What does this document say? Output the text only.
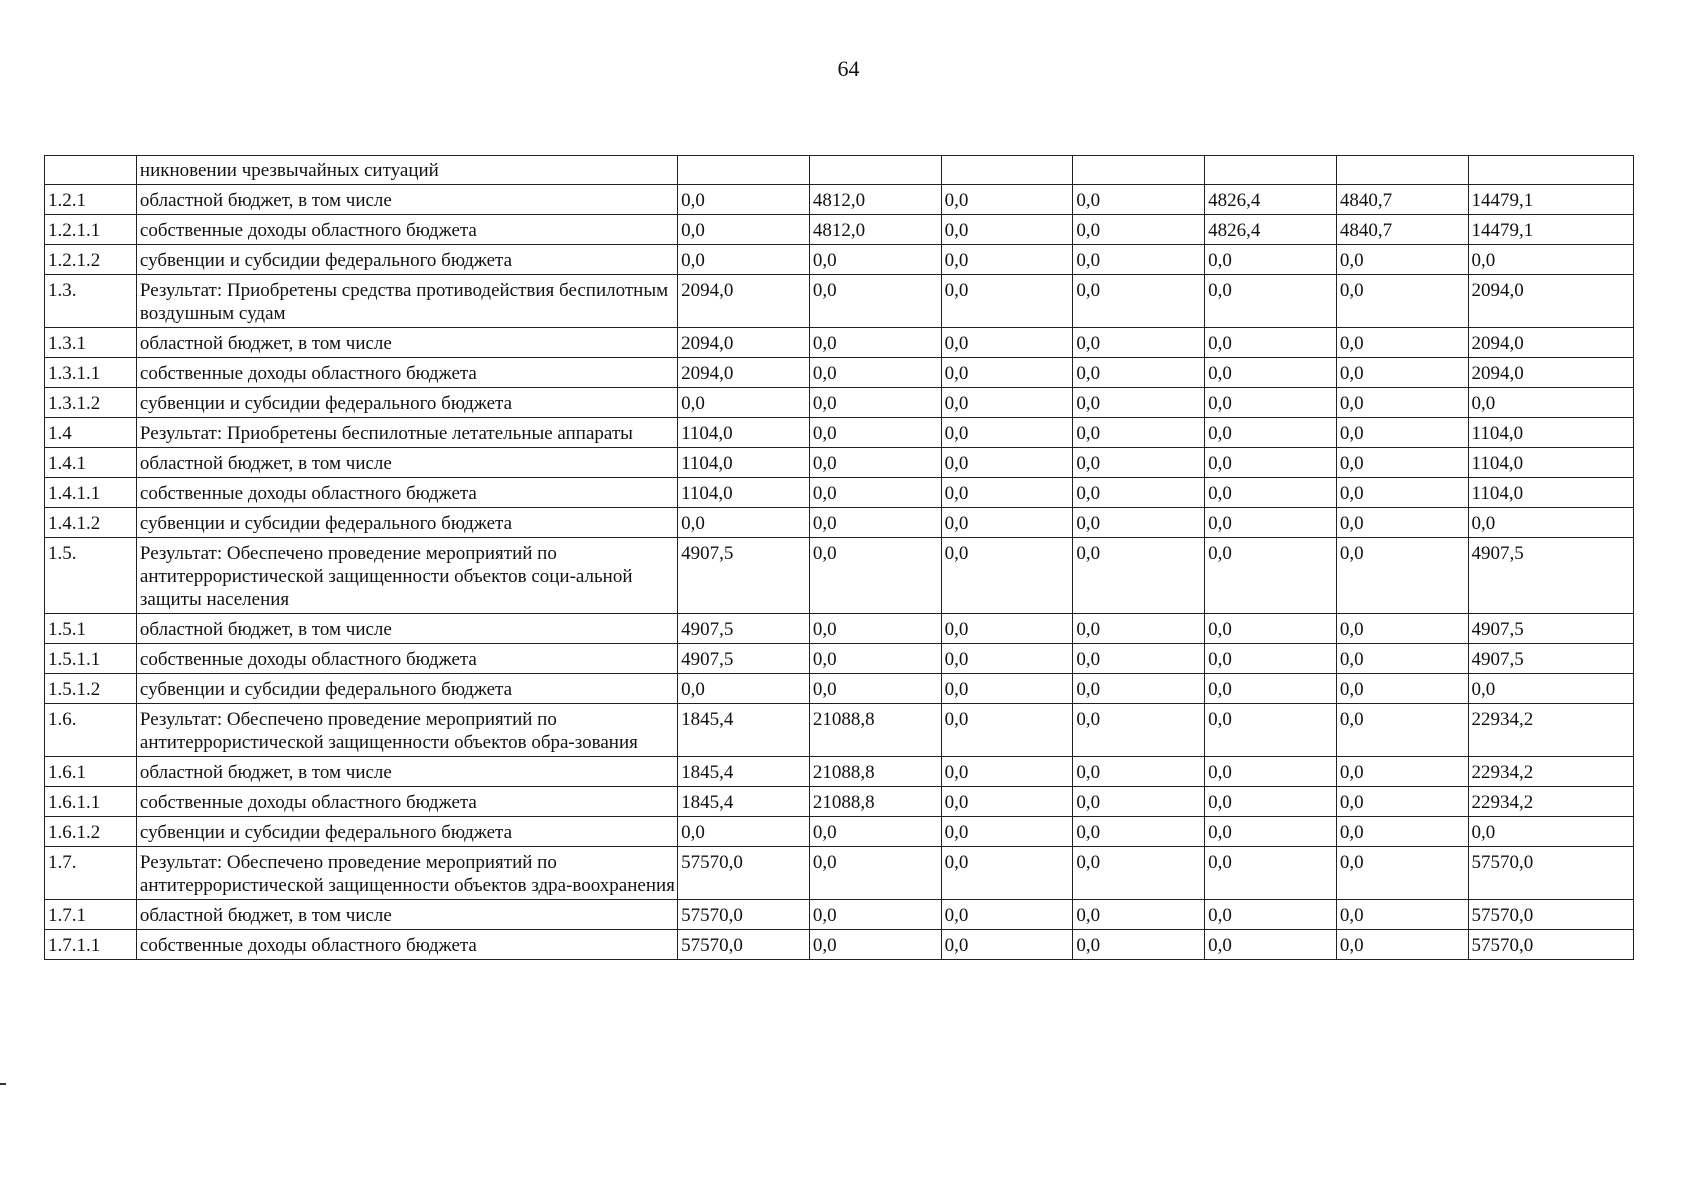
64
	никновении чрезвычайных ситуаций							
1.2.1	областной бюджет, в том числе	0,0	4812,0	0,0	0,0	4826,4	4840,7	14479,1
1.2.1.1	собственные доходы областного бюджета	0,0	4812,0	0,0	0,0	4826,4	4840,7	14479,1
1.2.1.2	субвенции и субсидии федерального бюджета	0,0	0,0	0,0	0,0	0,0	0,0	0,0
1.3.	Результат: Приобретены средства противодействия беспилотным воздушным судам	2094,0	0,0	0,0	0,0	0,0	0,0	2094,0
1.3.1	областной бюджет, в том числе	2094,0	0,0	0,0	0,0	0,0	0,0	2094,0
1.3.1.1	собственные доходы областного бюджета	2094,0	0,0	0,0	0,0	0,0	0,0	2094,0
1.3.1.2	субвенции и субсидии федерального бюджета	0,0	0,0	0,0	0,0	0,0	0,0	0,0
1.4	Результат: Приобретены беспилотные летательные аппараты	1104,0	0,0	0,0	0,0	0,0	0,0	1104,0
1.4.1	областной бюджет, в том числе	1104,0	0,0	0,0	0,0	0,0	0,0	1104,0
1.4.1.1	собственные доходы областного бюджета	1104,0	0,0	0,0	0,0	0,0	0,0	1104,0
1.4.1.2	субвенции и субсидии федерального бюджета	0,0	0,0	0,0	0,0	0,0	0,0	0,0
1.5.	Результат: Обеспечено проведение мероприятий по антитеррористической защищенности объектов соци-альной защиты населения	4907,5	0,0	0,0	0,0	0,0	0,0	4907,5
1.5.1	областной бюджет, в том числе	4907,5	0,0	0,0	0,0	0,0	0,0	4907,5
1.5.1.1	собственные доходы областного бюджета	4907,5	0,0	0,0	0,0	0,0	0,0	4907,5
1.5.1.2	субвенции и субсидии федерального бюджета	0,0	0,0	0,0	0,0	0,0	0,0	0,0
1.6.	Результат: Обеспечено проведение мероприятий по антитеррористической защищенности объектов обра-зования	1845,4	21088,8	0,0	0,0	0,0	0,0	22934,2
1.6.1	областной бюджет, в том числе	1845,4	21088,8	0,0	0,0	0,0	0,0	22934,2
1.6.1.1	собственные доходы областного бюджета	1845,4	21088,8	0,0	0,0	0,0	0,0	22934,2
1.6.1.2	субвенции и субсидии федерального бюджета	0,0	0,0	0,0	0,0	0,0	0,0	0,0
1.7.	Результат: Обеспечено проведение мероприятий по антитеррористической защищенности объектов здра-воохранения	57570,0	0,0	0,0	0,0	0,0	0,0	57570,0
1.7.1	областной бюджет, в том числе	57570,0	0,0	0,0	0,0	0,0	0,0	57570,0
1.7.1.1	собственные доходы областного бюджета	57570,0	0,0	0,0	0,0	0,0	0,0	57570,0
